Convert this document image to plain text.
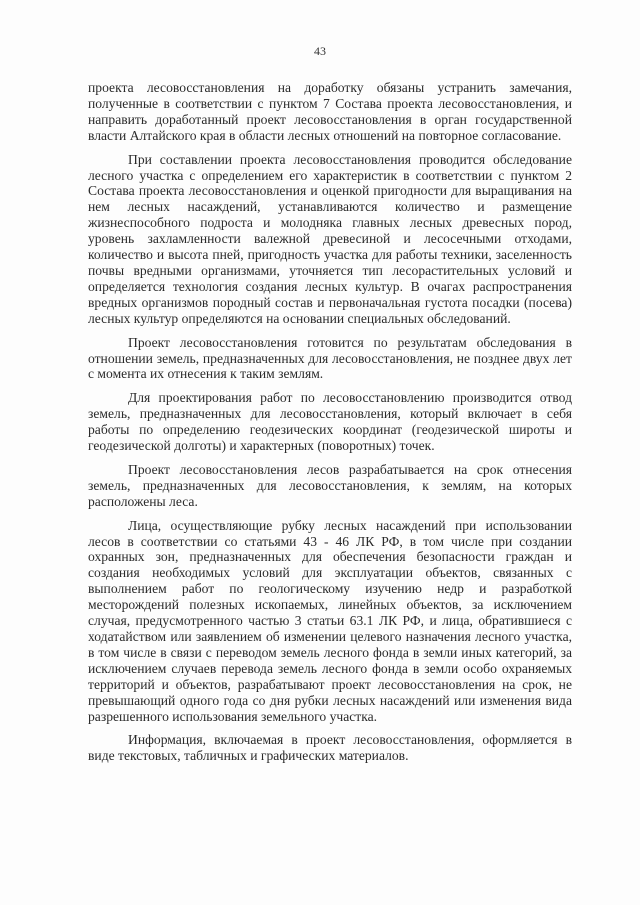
43

проекта лесовосстановления на доработку обязаны устранить замечания, полученные в соответствии с пунктом 7 Состава проекта лесовосстановления, и направить доработанный проект лесовосстановления в орган государственной власти Алтайского края в области лесных отношений на повторное согласование.

При составлении проекта лесовосстановления проводится обследование лесного участка с определением его характеристик в соответствии с пунктом 2 Состава проекта лесовосстановления и оценкой пригодности для выращивания на нем лесных насаждений, устанавливаются количество и размещение жизнеспособного подроста и молодняка главных лесных древесных пород, уровень захламленности валежной древесиной и лесосечными отходами, количество и высота пней, пригодность участка для работы техники, заселенность почвы вредными организмами, уточняется тип лесорастительных условий и определяется технология создания лесных культур. В очагах распространения вредных организмов породный состав и первоначальная густота посадки (посева) лесных культур определяются на основании специальных обследований.

Проект лесовосстановления готовится по результатам обследования в отношении земель, предназначенных для лесовосстановления, не позднее двух лет с момента их отнесения к таким землям.

Для проектирования работ по лесовосстановлению производится отвод земель, предназначенных для лесовосстановления, который включает в себя работы по определению геодезических координат (геодезической широты и геодезической долготы) и характерных (поворотных) точек.

Проект лесовосстановления лесов разрабатывается на срок отнесения земель, предназначенных для лесовосстановления, к землям, на которых расположены леса.

Лица, осуществляющие рубку лесных насаждений при использовании лесов в соответствии со статьями 43 - 46 ЛК РФ, в том числе при создании охранных зон, предназначенных для обеспечения безопасности граждан и создания необходимых условий для эксплуатации объектов, связанных с выполнением работ по геологическому изучению недр и разработкой месторождений полезных ископаемых, линейных объектов, за исключением случая, предусмотренного частью 3 статьи 63.1 ЛК РФ, и лица, обратившиеся с ходатайством или заявлением об изменении целевого назначения лесного участка, в том числе в связи с переводом земель лесного фонда в земли иных категорий, за исключением случаев перевода земель лесного фонда в земли особо охраняемых территорий и объектов, разрабатывают проект лесовосстановления на срок, не превышающий одного года со дня рубки лесных насаждений или изменения вида разрешенного использования земельного участка.

Информация, включаемая в проект лесовосстановления, оформляется в виде текстовых, табличных и графических материалов.
